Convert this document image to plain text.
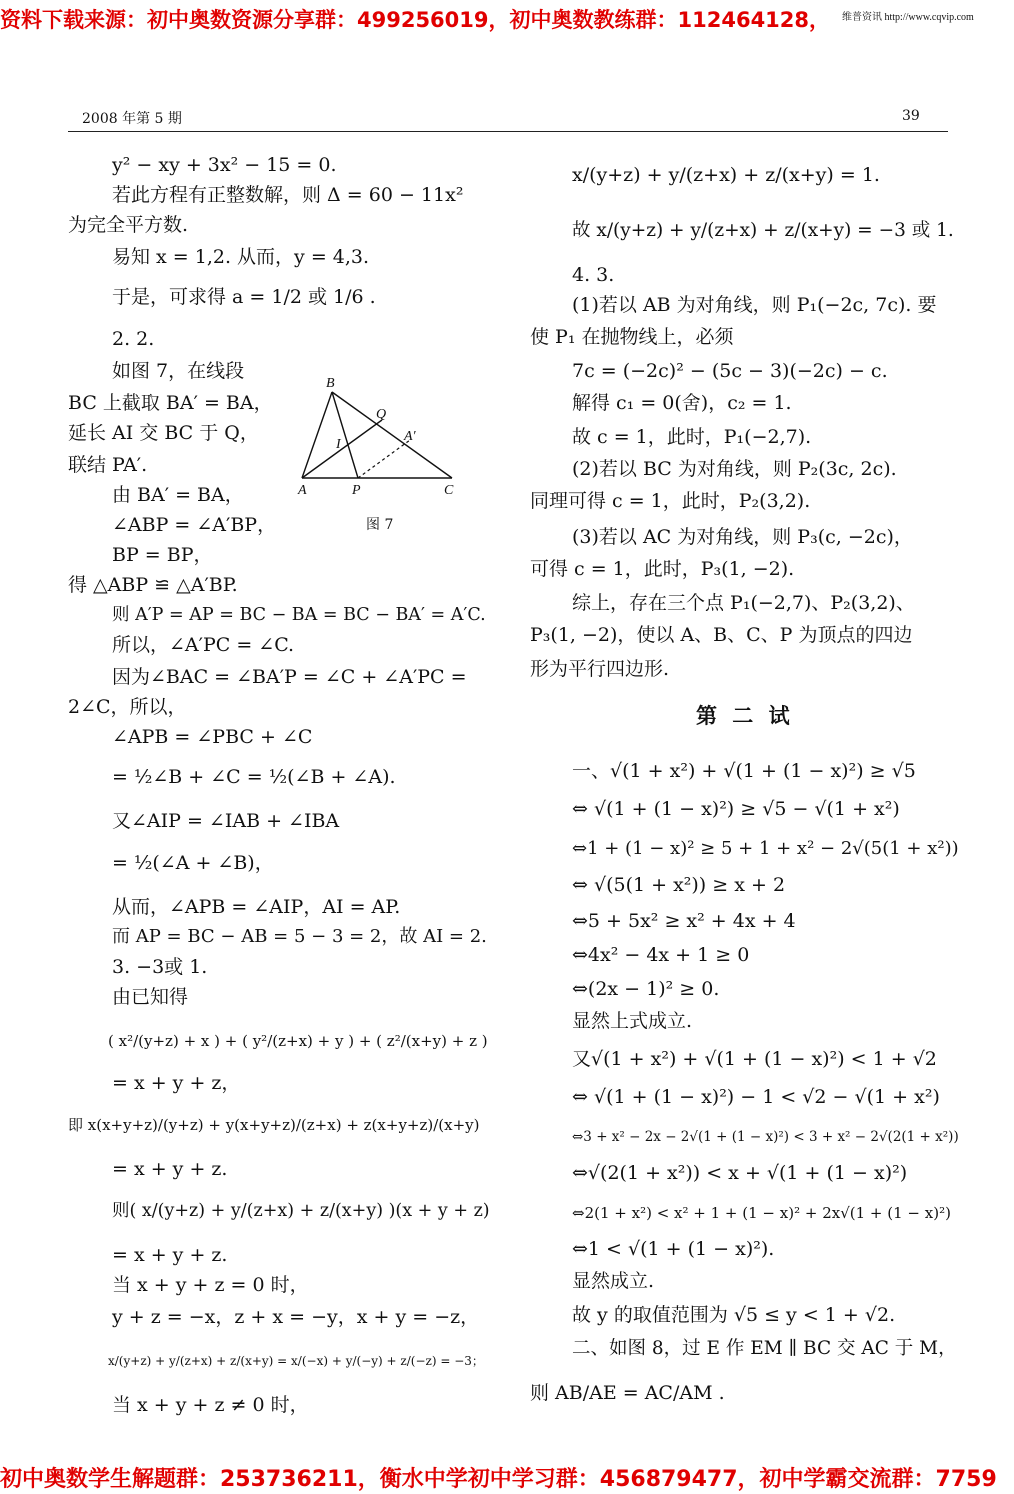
资料下载来源：初中奥数资源分享群：499256019，初中奥数教练群：112464128， 维普资讯 http://www.cqvip.com
2008 年第 5 期	39
y² − xy + 3x² − 15 = 0.
若此方程有正整数解，则 Δ = 60 − 11x²
为完全平方数.
易知 x = 1,2. 从而，y = 4,3.
于是，可求得 a = 1/2 或 1/6 .
2. 2.
如图 7，在线段
BC 上截取 BA′ = BA，
延长 AI 交 BC 于 Q，
联结 PA′.
由 BA′ = BA，
∠ABP = ∠A′BP，
BP = BP，
得 △ABP ≌ △A′BP.
则 A′P = AP = BC − BA = BC − BA′ = A′C.
所以，∠A′PC = ∠C.
因为∠BAC = ∠BA′P = ∠C + ∠A′PC =
2∠C，所以，
∠APB = ∠PBC + ∠C
= ½∠B + ∠C = ½(∠B + ∠A).
又∠AIP = ∠IAB + ∠IBA
= ½(∠A + ∠B)，
从而，∠APB = ∠AIP，AI = AP.
而 AP = BC − AB = 5 − 3 = 2，故 AI = 2.
3. −3或 1.
由已知得
( x²/(y+z) + x ) + ( y²/(z+x) + y ) + ( z²/(x+y) + z )
= x + y + z，
即 x(x+y+z)/(y+z) + y(x+y+z)/(z+x) + z(x+y+z)/(x+y)
= x + y + z.
则( x/(y+z) + y/(z+x) + z/(x+y) )(x + y + z)
= x + y + z.
当 x + y + z = 0 时，
y + z = −x，z + x = −y，x + y = −z，
x/(y+z) + y/(z+x) + z/(x+y) = x/(−x) + y/(−y) + z/(−z) = −3；
当 x + y + z ≠ 0 时，
B
Q
I
A′
A	P	C
图 7
x/(y+z) + y/(z+x) + z/(x+y) = 1.
故 x/(y+z) + y/(z+x) + z/(x+y) = −3 或 1.
4. 3.
(1)若以 AB 为对角线，则 P₁(−2c, 7c). 要
使 P₁ 在抛物线上，必须
7c = (−2c)² − (5c − 3)(−2c) − c.
解得 c₁ = 0(舍)，c₂ = 1.
故 c = 1，此时，P₁(−2,7).
(2)若以 BC 为对角线，则 P₂(3c, 2c).
同理可得 c = 1，此时，P₂(3,2).
(3)若以 AC 为对角线，则 P₃(c, −2c)，
可得 c = 1，此时，P₃(1, −2).
综上，存在三个点 P₁(−2,7)、P₂(3,2)、
P₃(1, −2)，使以 A、B、C、P 为顶点的四边
形为平行四边形.
第 二 试
一、√(1 + x²) + √(1 + (1 − x)²) ≥ √5
⇔ √(1 + (1 − x)²) ≥ √5 − √(1 + x²)
⇔1 + (1 − x)² ≥ 5 + 1 + x² − 2√(5(1 + x²))
⇔ √(5(1 + x²)) ≥ x + 2
⇔5 + 5x² ≥ x² + 4x + 4
⇔4x² − 4x + 1 ≥ 0
⇔(2x − 1)² ≥ 0.
显然上式成立.
又√(1 + x²) + √(1 + (1 − x)²) < 1 + √2
⇔ √(1 + (1 − x)²) − 1 < √2 − √(1 + x²)
⇔3 + x² − 2x − 2√(1 + (1 − x)²) < 3 + x² − 2√(2(1 + x²))
⇔√(2(1 + x²)) < x + √(1 + (1 − x)²)
⇔2(1 + x²) < x² + 1 + (1 − x)² + 2x√(1 + (1 − x)²)
⇔1 < √(1 + (1 − x)²).
显然成立.
故 y 的取值范围为 √5 ≤ y < 1 + √2.
二、如图 8，过 E 作 EM ∥ BC 交 AC 于 M，
则 AB/AE = AC/AM .
初中奥数学生解题群：253736211，衡水中学初中学习群：456879477，初中学霸交流群：7759
